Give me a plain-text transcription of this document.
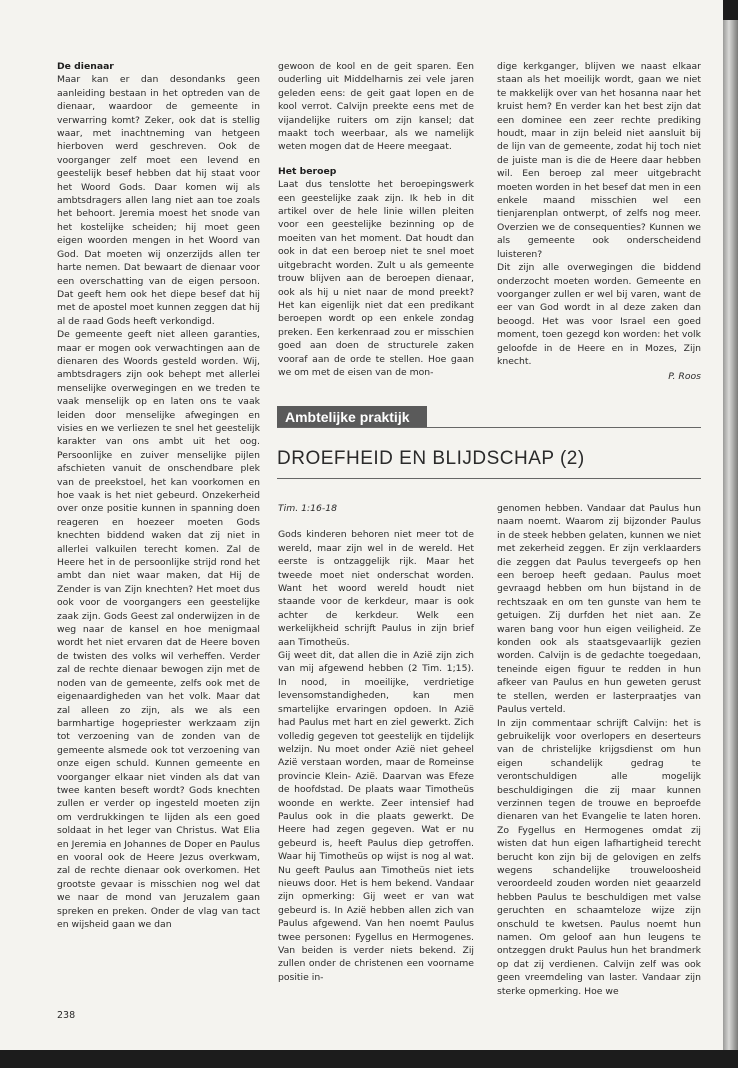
De dienaar

Maar kan er dan desondanks geen aanleiding bestaan in het optreden van de dienaar, waardoor de gemeente in verwarring komt? Zeker, ook dat is stellig waar, met inachtneming van hetgeen hierboven werd geschreven. Ook de voorganger zelf moet een levend en geestelijk besef hebben dat hij staat voor het Woord Gods. Daar komen wij als ambtsdragers allen lang niet aan toe zoals het behoort. Jeremia moest het snode van het kostelijke scheiden; hij moet geen eigen woorden mengen in het Woord van God. Dat moeten wij onzerzijds allen ter harte nemen. Dat bewaart de dienaar voor een overschatting van de eigen persoon. Dat geeft hem ook het diepe besef dat hij met de apostel moet kunnen zeggen dat hij al de raad Gods heeft verkondigd.

De gemeente geeft niet alleen garanties, maar er mogen ook verwachtingen aan de dienaren des Woords gesteld worden. Wij, ambtsdragers zijn ook behept met allerlei menselijke overwegingen en we treden te vaak menselijk op en laten ons te vaak leiden door menselijke afwegingen en visies en we verliezen te snel het geestelijk karakter van ons ambt uit het oog. Persoonlijke en zuiver menselijke pijlen afschieten vanuit de onschendbare plek van de preekstoel, het kan voorkomen en hoe vaak is het niet gebeurd. Onzekerheid over onze positie kunnen in spanning doen reageren en hoezeer moeten Gods knechten biddend waken dat zij niet in allerlei valkuilen terecht komen. Zal de Heere het in de persoonlijke strijd rond het ambt dan niet waar maken, dat Hij de Zender is van Zijn knechten? Het moet dus ook voor de voorgangers een geestelijke zaak zijn. Gods Geest zal onderwijzen in de weg naar de kansel en hoe menigmaal wordt het niet ervaren dat de Heere boven de twisten des volks wil verheffen. Verder zal de rechte dienaar bewogen zijn met de noden van de gemeente, zelfs ook met de eigenaardigheden van het volk. Maar dat zal alleen zo zijn, als we als een barmhartige hogepriester werkzaam zijn tot verzoening van de zonden van de gemeente alsmede ook tot verzoening van onze eigen schuld. Kunnen gemeente en voorganger elkaar niet vinden als dat van twee kanten beseft wordt? Gods knechten zullen er verder op ingesteld moeten zijn om verdrukkingen te lijden als een goed soldaat in het leger van Christus. Wat Elia en Jeremia en Johannes de Doper en Paulus en vooral ook de Heere Jezus overkwam, zal de rechte dienaar ook overkomen. Het grootste gevaar is misschien nog wel dat we naar de mond van Jeruzalem gaan spreken en preken. Onder de vlag van tact en wijsheid gaan we dan

gewoon de kool en de geit sparen. Een ouderling uit Middelharnis zei vele jaren geleden eens: de geit gaat lopen en de kool verrot. Calvijn preekte eens met de vijandelijke ruiters om zijn kansel; dat maakt toch weerbaar, als we namelijk weten mogen dat de Heere meegaat.

Het beroep

Laat dus tenslotte het beroepingswerk een geestelijke zaak zijn. Ik heb in dit artikel over de hele linie willen pleiten voor een geestelijke bezinning op de moeiten van het moment. Dat houdt dan ook in dat een beroep niet te snel moet uitgebracht worden. Zult u als gemeente trouw blijven aan de beroepen dienaar, ook als hij u niet naar de mond preekt? Het kan eigenlijk niet dat een predikant beroepen wordt op een enkele zondag preken. Een kerkenraad zou er misschien goed aan doen de structurele zaken vooraf aan de orde te stellen. Hoe gaan we om met de eisen van de mon-

dige kerkganger, blijven we naast elkaar staan als het moeilijk wordt, gaan we niet te makkelijk over van het hosanna naar het kruist hem? En verder kan het best zijn dat een dominee een zeer rechte prediking houdt, maar in zijn beleid niet aansluit bij de lijn van de gemeente, zodat hij toch niet de juiste man is die de Heere daar hebben wil. Een beroep zal meer uitgebracht moeten worden in het besef dat men in een enkele maand misschien wel een tienjarenplan ontwerpt, of zelfs nog meer. Overzien we de consequenties? Kunnen we als gemeente ook onderscheidend luisteren?

Dit zijn alle overwegingen die biddend onderzocht moeten worden. Gemeente en voorganger zullen er wel bij varen, want de eer van God wordt in al deze zaken dan beoogd. Het was voor Israel een goed moment, toen gezegd kon worden: het volk geloofde in de Heere en in Mozes, Zijn knecht.

P. Roos

Ambtelijke praktijk
DROEFHEID EN BLIJDSCHAP (2)

Tim. 1:16-18

Gods kinderen behoren niet meer tot de wereld, maar zijn wel in de wereld. Het eerste is ontzaggelijk rijk. Maar het tweede moet niet onderschat worden. Want het woord wereld houdt niet staande voor de kerkdeur, maar is ook achter de kerkdeur. Welk een werkelijkheid schrijft Paulus in zijn brief aan Timotheüs.

Gij weet dit, dat allen die in Azië zijn zich van mij afgewend hebben (2 Tim. 1;15). In nood, in moeilijke, verdrietige levensomstandigheden, kan men smartelijke ervaringen opdoen. In Azië had Paulus met hart en ziel gewerkt. Zich volledig gegeven tot geestelijk en tijdelijk welzijn. Nu moet onder Azië niet geheel Azië verstaan worden, maar de Romeinse provincie Klein- Azië. Daarvan was Efeze de hoofdstad. De plaats waar Timotheüs woonde en werkte. Zeer intensief had Paulus ook in die plaats gewerkt. De Heere had zegen gegeven. Wat er nu gebeurd is, heeft Paulus diep getroffen. Waar hij Timotheüs op wijst is nog al wat. Nu geeft Paulus aan Timotheüs niet iets nieuws door. Het is hem bekend. Vandaar zijn opmerking: Gij weet er van wat gebeurd is. In Azië hebben allen zich van Paulus afgewend. Van hen noemt Paulus twee personen: Fygellus en Hermogenes. Van beiden is verder niets bekend. Zij zullen onder de christenen een voorname positie in-

genomen hebben. Vandaar dat Paulus hun naam noemt. Waarom zij bijzonder Paulus in de steek hebben gelaten, kunnen we niet met zekerheid zeggen. Er zijn verklaarders die zeggen dat Paulus tevergeefs op hen een beroep heeft gedaan. Paulus moet gevraagd hebben om hun bijstand in de rechtszaak en om ten gunste van hem te getuigen. Zij durfden het niet aan. Ze waren bang voor hun eigen veiligheid. Ze konden ook als staatsgevaarlijk gezien worden. Calvijn is de gedachte toegedaan, teneinde eigen figuur te redden in hun afkeer van Paulus en hun geweten gerust te stellen, werden er lasterpraatjes van Paulus verteld.

In zijn commentaar schrijft Calvijn: het is gebruikelijk voor overlopers en deserteurs van de christelijke krijgsdienst om hun eigen schandelijk gedrag te verontschuldigen alle mogelijk beschuldigingen die zij maar kunnen verzinnen tegen de trouwe en beproefde dienaren van het Evangelie te laten horen. Zo Fygellus en Hermogenes omdat zij wisten dat hun eigen lafhartigheid terecht berucht kon zijn bij de gelovigen en zelfs wegens schandelijke trouweloosheid veroordeeld zouden worden niet geaarzeld hebben Paulus te beschuldigen met valse geruchten en schaamteloze wijze zijn onschuld te kwetsen. Paulus noemt hun namen. Om geloof aan hun leugens te ontzeggen drukt Paulus hun het brandmerk op dat zij verdienen. Calvijn zelf was ook geen vreemdeling van laster. Vandaar zijn sterke opmerking. Hoe we

238
